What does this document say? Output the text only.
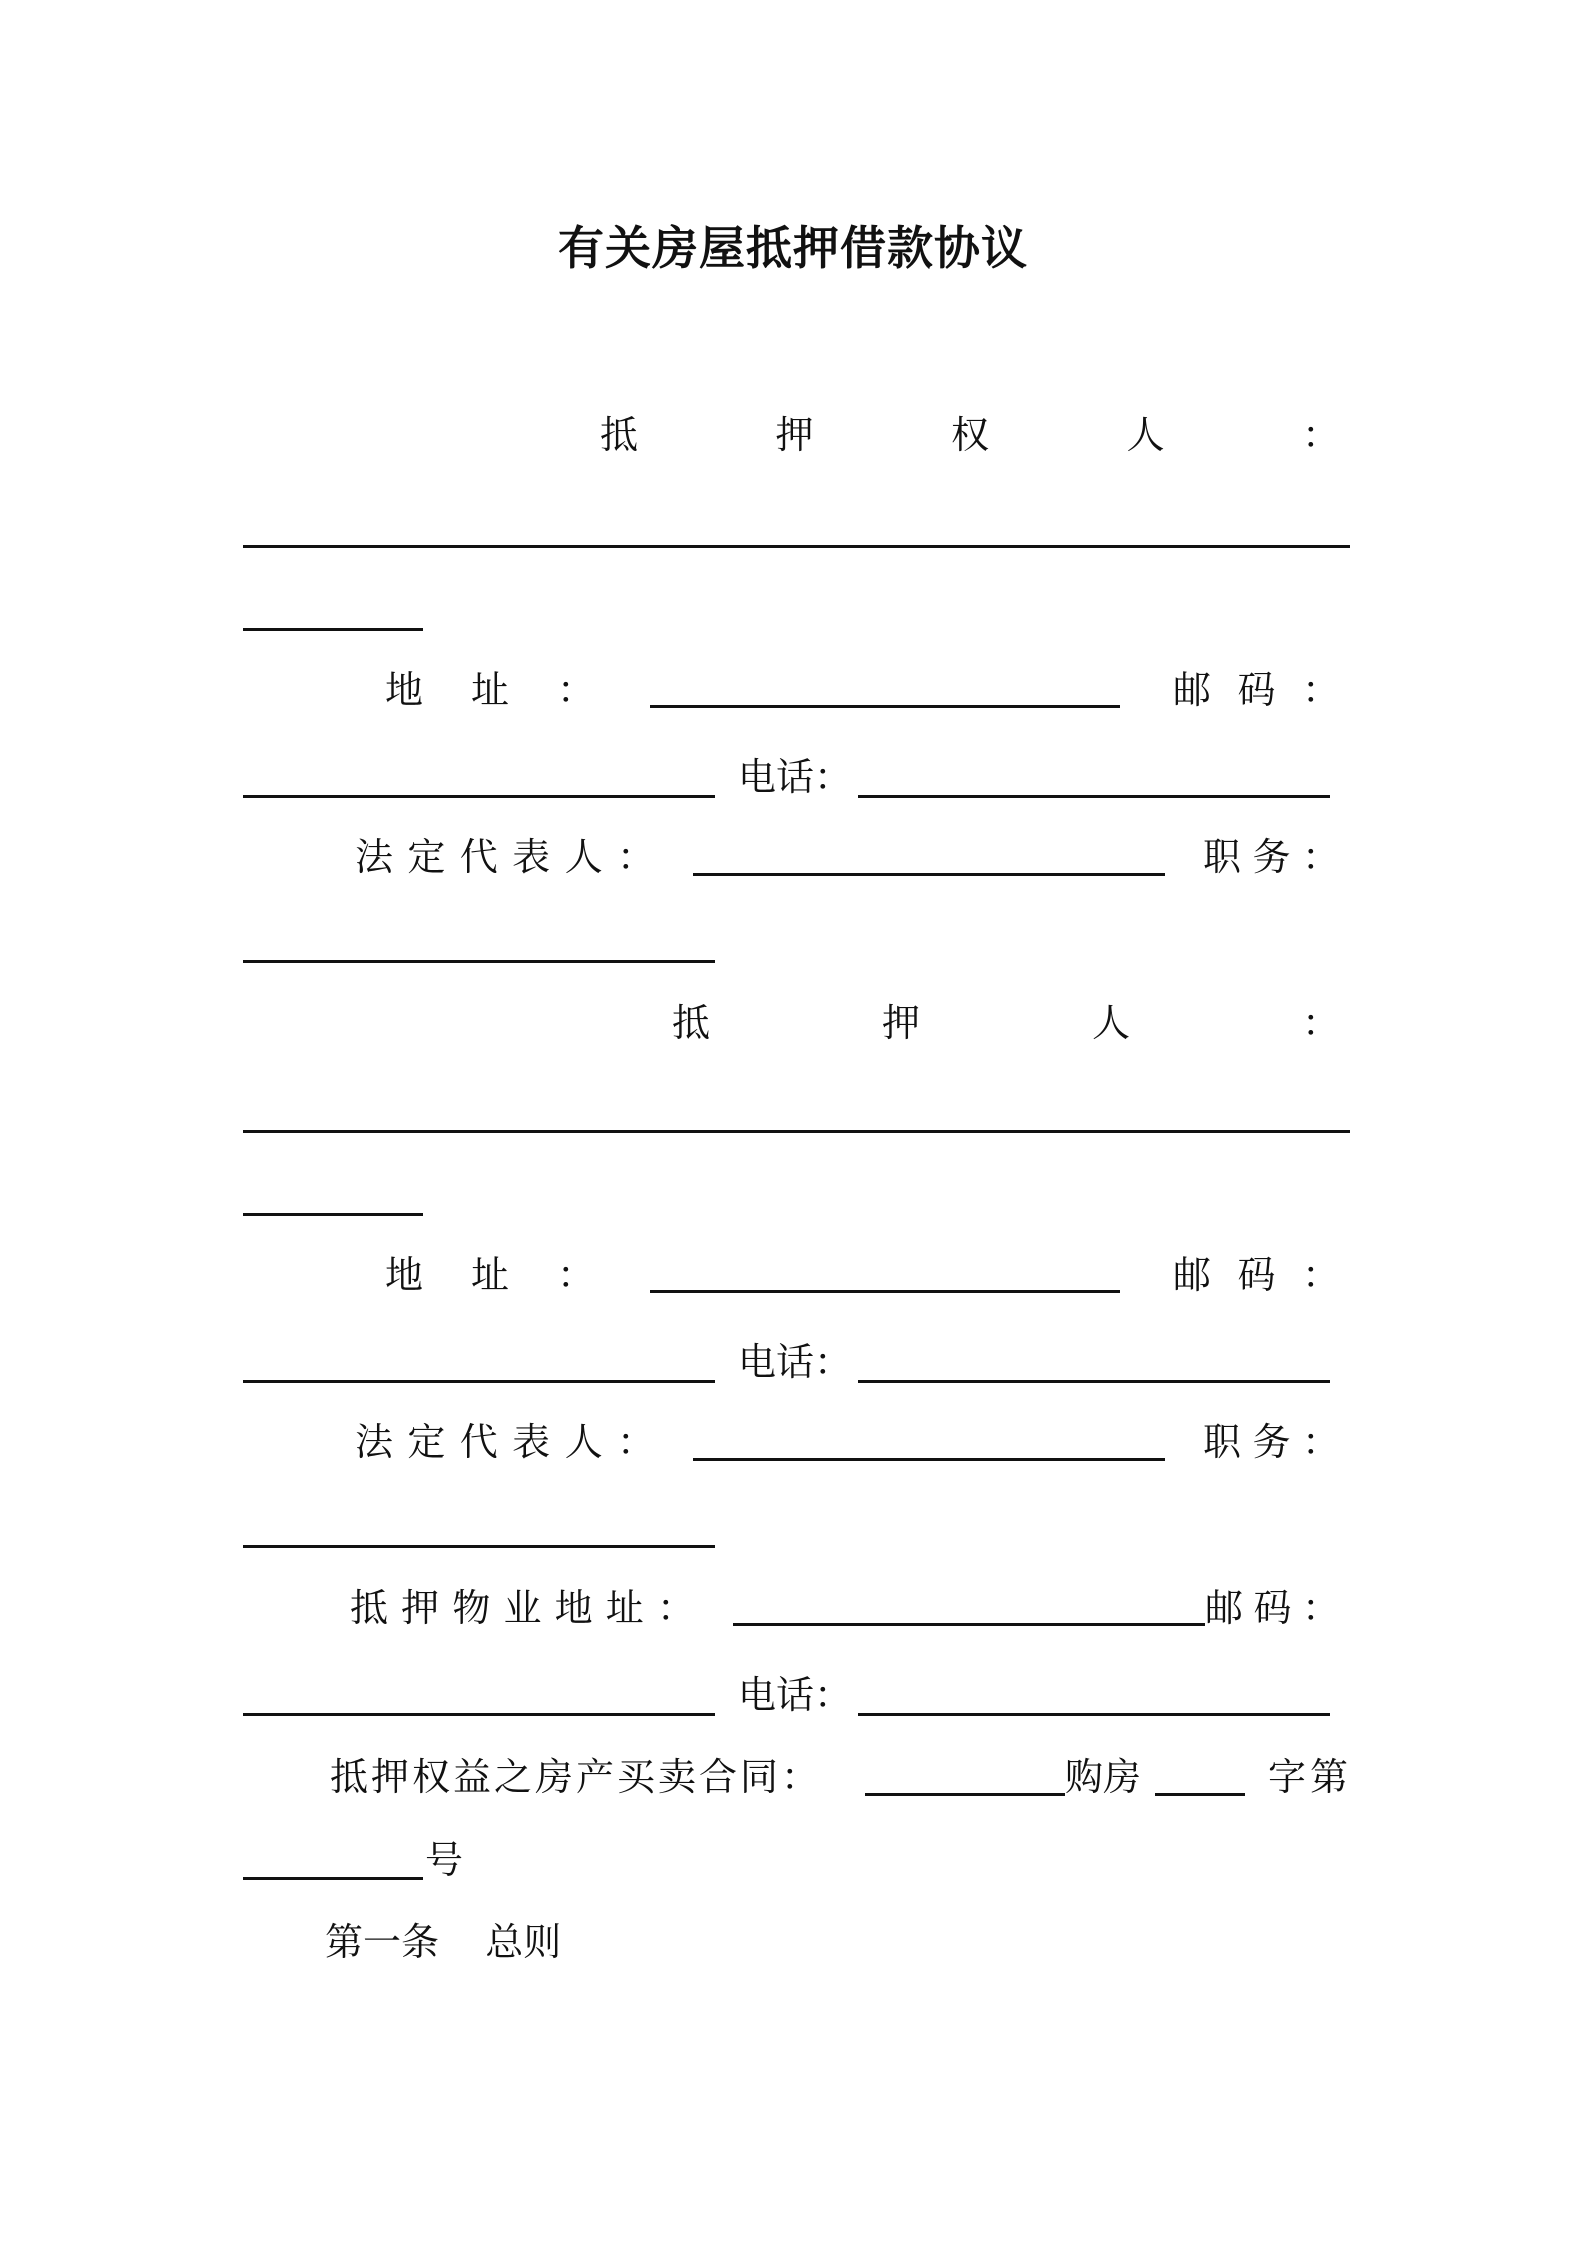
有关房屋抵押借款协议
抵	押	权	人	：
地 址 ：	邮 码 ：
电话：
法 定 代 表 人 ：	职 务 ：
抵	押	人	：
地 址 ：	邮 码 ：
电话：
法 定 代 表 人 ：	职 务 ：
抵 押 物 业 地 址 ：	邮 码 ：
电话：
抵押权益之房产买卖合同：	购房	字第
号
第一条 总则
